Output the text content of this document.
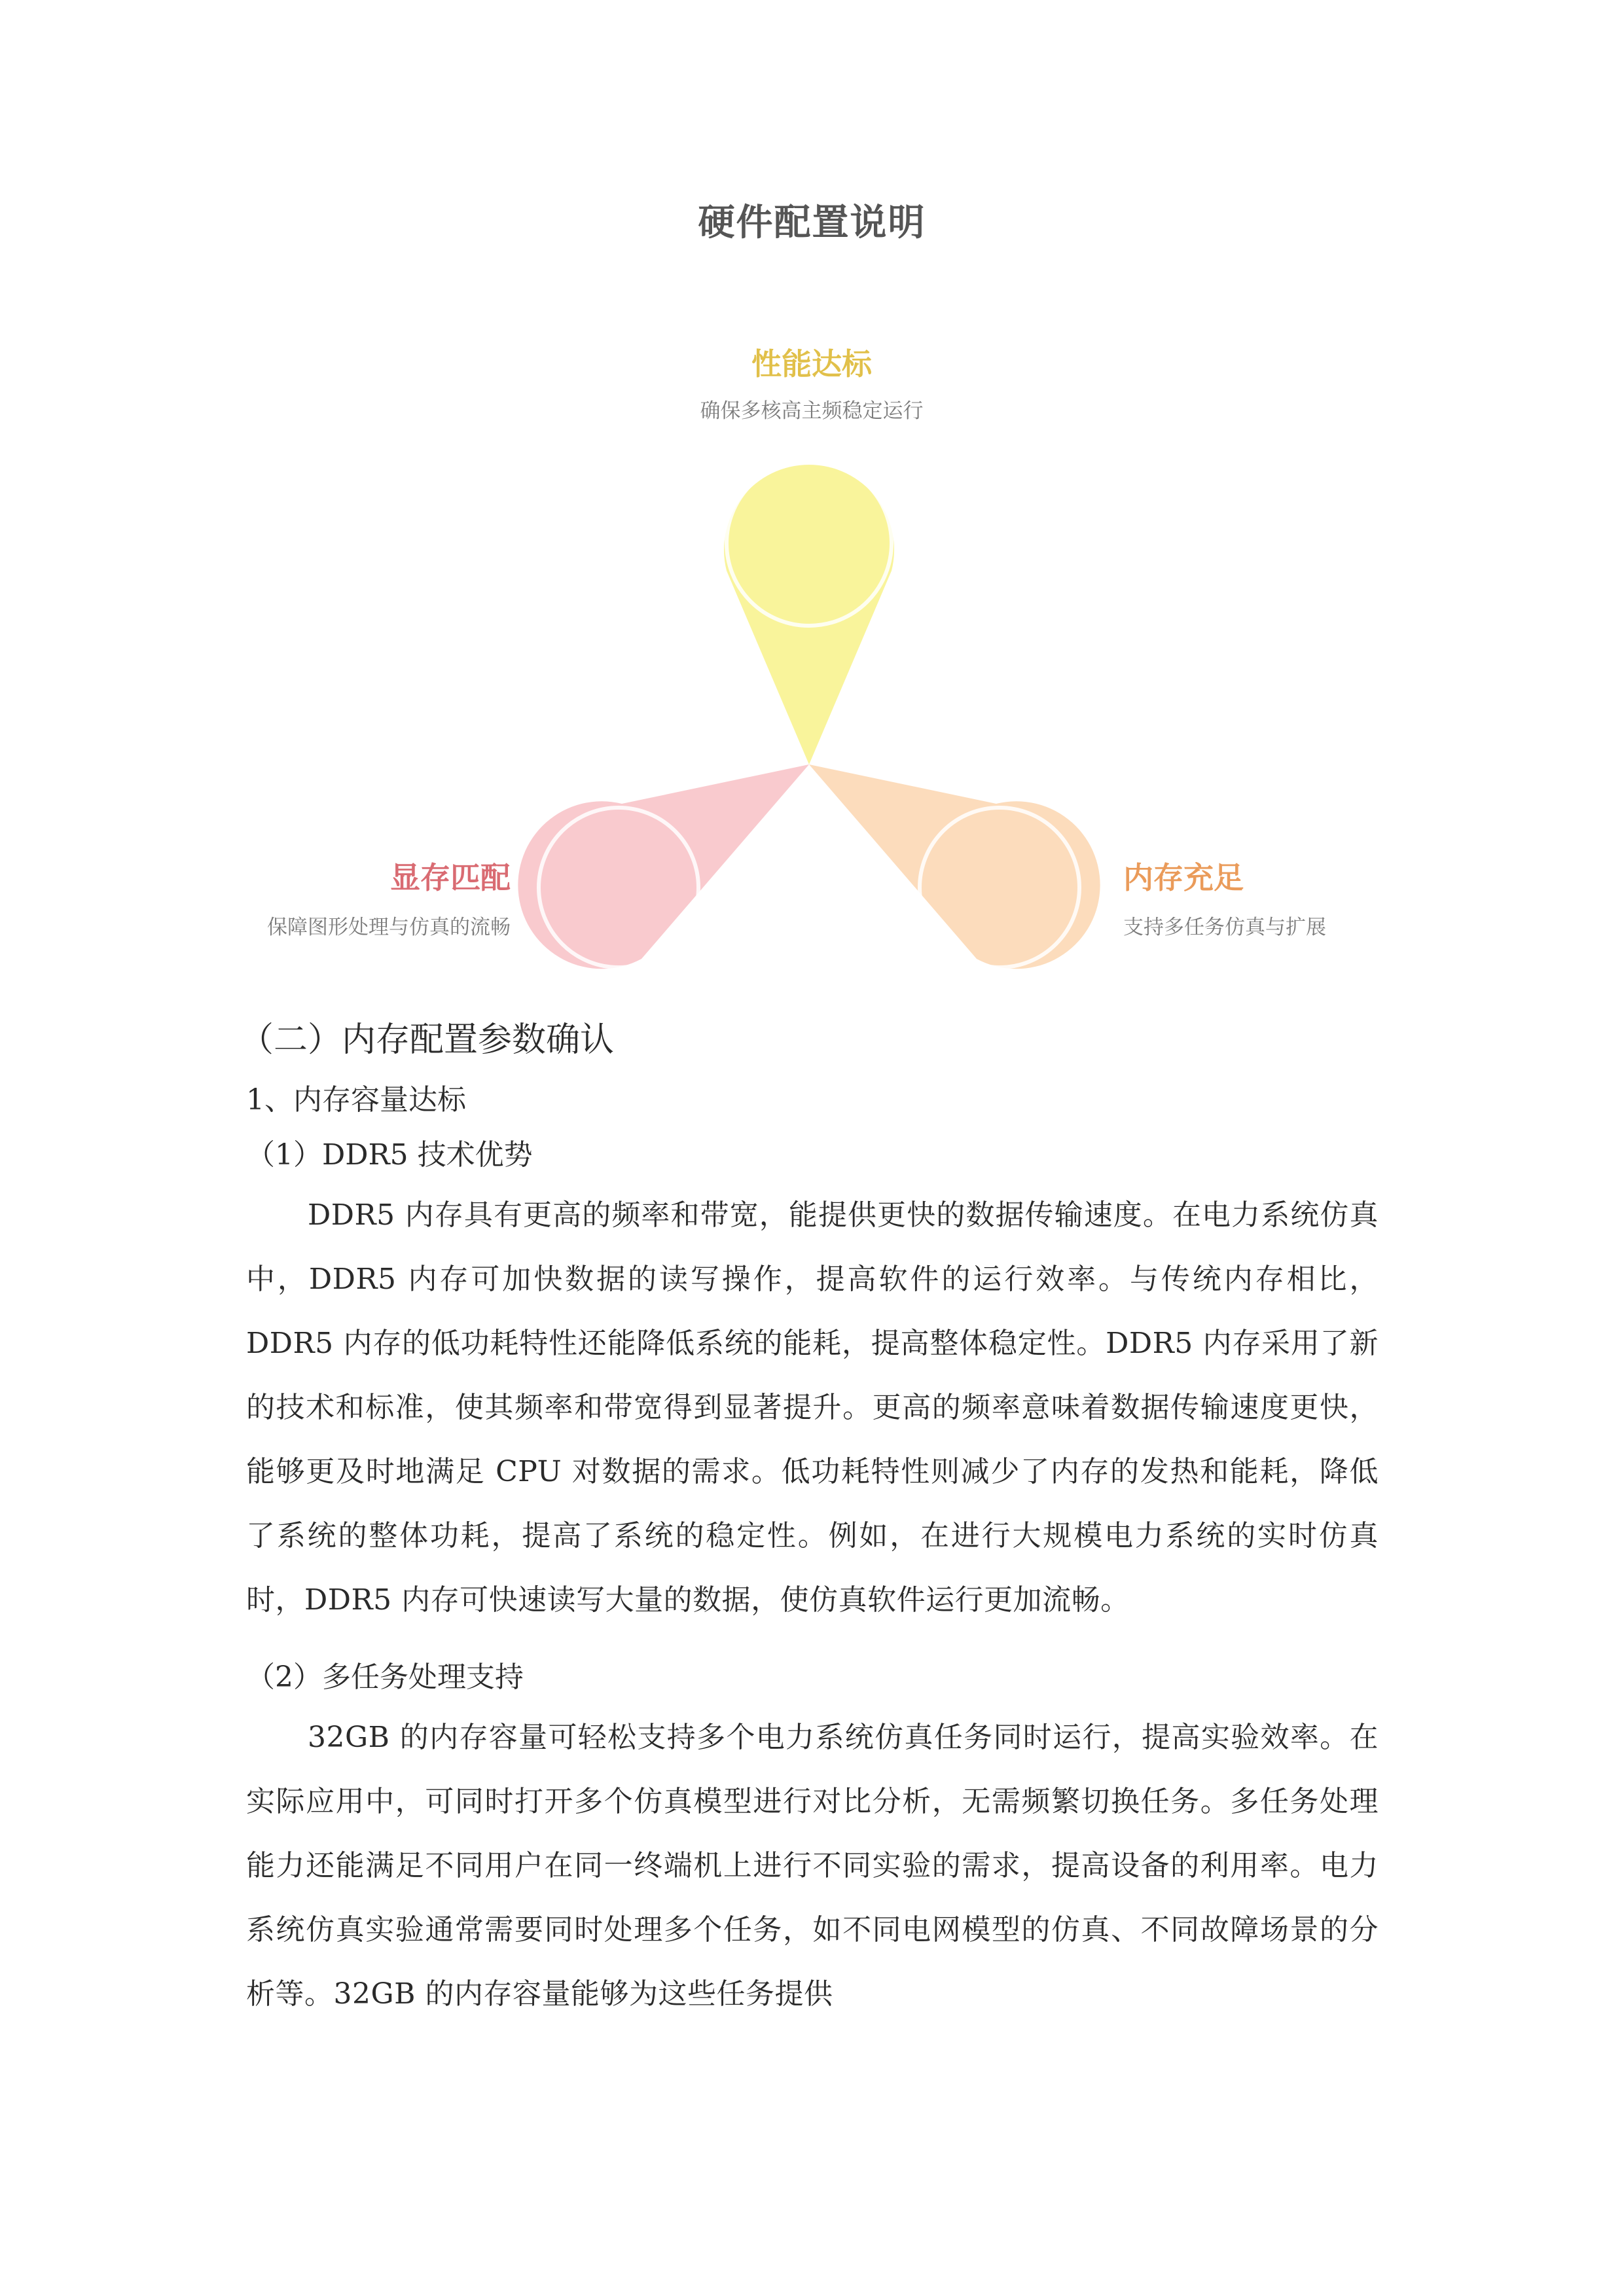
硬件配置说明
性能达标
确保多核高主频稳定运行
显存匹配
保障图形处理与仿真的流畅
内存充足
支持多任务仿真与扩展
（二）内存配置参数确认
1、内存容量达标
（1）DDR5 技术优势

DDR5 内存具有更高的频率和带宽，能提供更快的数据传输速度。在电力系统仿真中，DDR5 内存可加快数据的读写操作，提高软件的运行效率。与传统内存相比，DDR5 内存的低功耗特性还能降低系统的能耗，提高整体稳定性。DDR5 内存采用了新的技术和标准，使其频率和带宽得到显著提升。更高的频率意味着数据传输速度更快，能够更及时地满足 CPU 对数据的需求。低功耗特性则减少了内存的发热和能耗，降低了系统的整体功耗，提高了系统的稳定性。例如，在进行大规模电力系统的实时仿真时，DDR5 内存可快速读写大量的数据，使仿真软件运行更加流畅。

（2）多任务处理支持

32GB 的内存容量可轻松支持多个电力系统仿真任务同时运行，提高实验效率。在实际应用中，可同时打开多个仿真模型进行对比分析，无需频繁切换任务。多任务处理能力还能满足不同用户在同一终端机上进行不同实验的需求，提高设备的利用率。电力系统仿真实验通常需要同时处理多个任务，如不同电网模型的仿真、不同故障场景的分析等。32GB 的内存容量能够为这些任务提供
